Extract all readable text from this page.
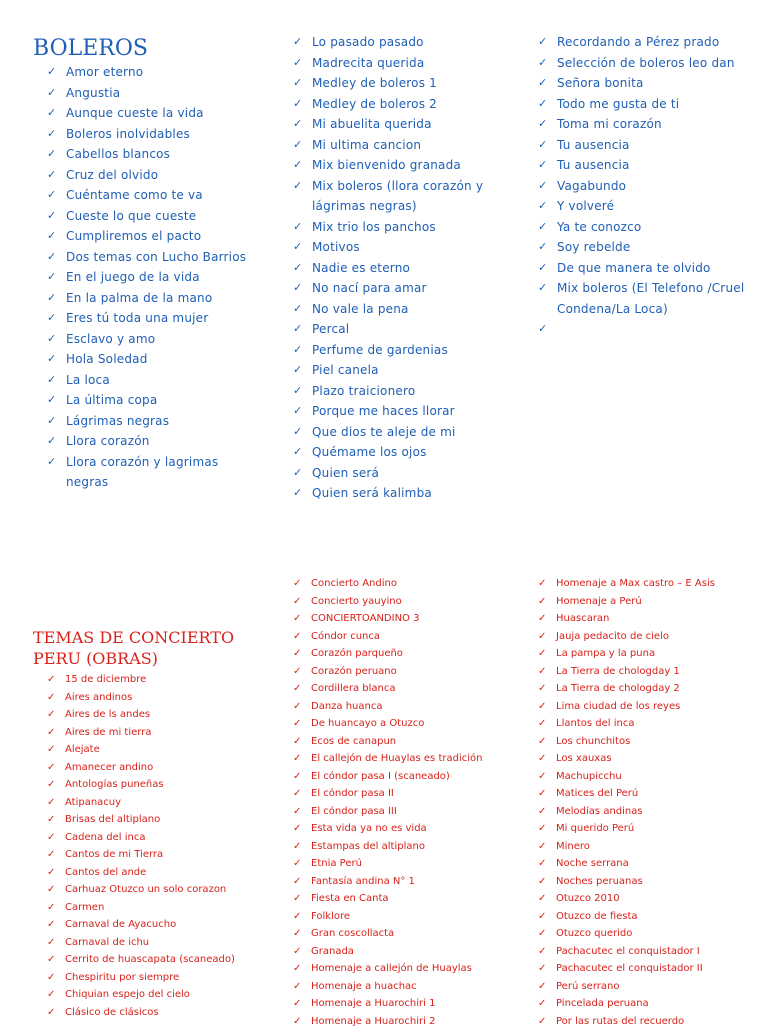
BOLEROS
✓ Amor eterno
✓ Angustia
✓ Aunque cueste la vida
✓ Boleros inolvidables
✓ Cabellos blancos
✓ Cruz del olvido
✓ Cuéntame como te va
✓ Cueste lo que cueste
✓ Cumpliremos el pacto
✓ Dos temas con Lucho Barrios
✓ En el juego de la vida
✓ En la palma de la mano
✓ Eres tú toda una mujer
✓ Esclavo y amo
✓ Hola Soledad
✓ La loca
✓ La última copa
✓ Lágrimas negras
✓ Llora corazón
✓ Llora corazón y lagrimas negras
✓ Lo pasado pasado
✓ Madrecita querida
✓ Medley de boleros 1
✓ Medley de boleros 2
✓ Mi abuelita querida
✓ Mi ultima cancion
✓ Mix bienvenido granada
✓ Mix boleros (llora corazón y lágrimas negras)
✓ Mix trio los panchos
✓ Motivos
✓ Nadie es eterno
✓ No nací para amar
✓ No vale la pena
✓ Percal
✓ Perfume de gardenias
✓ Piel canela
✓ Plazo traicionero
✓ Porque me haces llorar
✓ Que dios te aleje de mi
✓ Quémame los ojos
✓ Quien será
✓ Quien será kalimba
✓ Recordando a Pérez prado
✓ Selección de boleros leo dan
✓ Señora bonita
✓ Todo me gusta de ti
✓ Toma mi corazón
✓ Tu ausencia
✓ Tu ausencia
✓ Vagabundo
✓ Y volveré
✓ Ya te conozco
✓ Soy rebelde
✓ De que manera te olvido
✓ Mix boleros (El Telefono /Cruel Condena/La Loca)
✓
TEMAS DE CONCIERTO PERU (OBRAS)
✓ 15 de diciembre
✓ Aires andinos
✓ Aires de ls andes
✓ Aires de mi tierra
✓ Alejate
✓ Amanecer andino
✓ Antologías puneñas
✓ Atipanacuy
✓ Brisas del altiplano
✓ Cadena del inca
✓ Cantos de mi Tierra
✓ Cantos del ande
✓ Carhuaz Otuzco un solo corazon
✓ Carmen
✓ Carnaval de Ayacucho
✓ Carnaval de ichu
✓ Cerrito de huascapata (scaneado)
✓ Chespiritu por siempre
✓ Chiquian espejo del cielo
✓ Clásico de clásicos
✓ Concierto Andino
✓ Concierto yauyino
✓ CONCIERTOANDINO 3
✓ Cóndor cunca
✓ Corazón parqueño
✓ Corazón peruano
✓ Cordillera blanca
✓ Danza huanca
✓ De huancayo a Otuzco
✓ Ecos de canapun
✓ El callejón de Huaylas es tradición
✓ El cóndor pasa I (scaneado)
✓ El cóndor pasa II
✓ El cóndor pasa III
✓ Esta vida ya no es vida
✓ Estampas del altiplano
✓ Etnia Perú
✓ Fantasía andina N° 1
✓ Fiesta en Canta
✓ Folklore
✓ Gran coscollacta
✓ Granada
✓ Homenaje a callejón de Huaylas
✓ Homenaje a huachac
✓ Homenaje a Huarochiri 1
✓ Homenaje a Huarochiri 2
✓ Homenaje a Max castro – E Asis
✓ Homenaje a Perú
✓ Huascaran
✓ Jauja pedacito de cielo
✓ La pampa y la puna
✓ La Tierra de chologday 1
✓ La Tierra de chologday 2
✓ Lima ciudad de los reyes
✓ Llantos del inca
✓ Los chunchitos
✓ Los xauxas
✓ Machupicchu
✓ Matices del Perú
✓ Melodías andinas
✓ Mi querido Perú
✓ Minero
✓ Noche serrana
✓ Noches peruanas
✓ Otuzco 2010
✓ Otuzco de fiesta
✓ Otuzco querido
✓ Pachacutec el conquistador I
✓ Pachacutec el conquistador II
✓ Perú serrano
✓ Pincelada peruana
✓ Por las rutas del recuerdo
